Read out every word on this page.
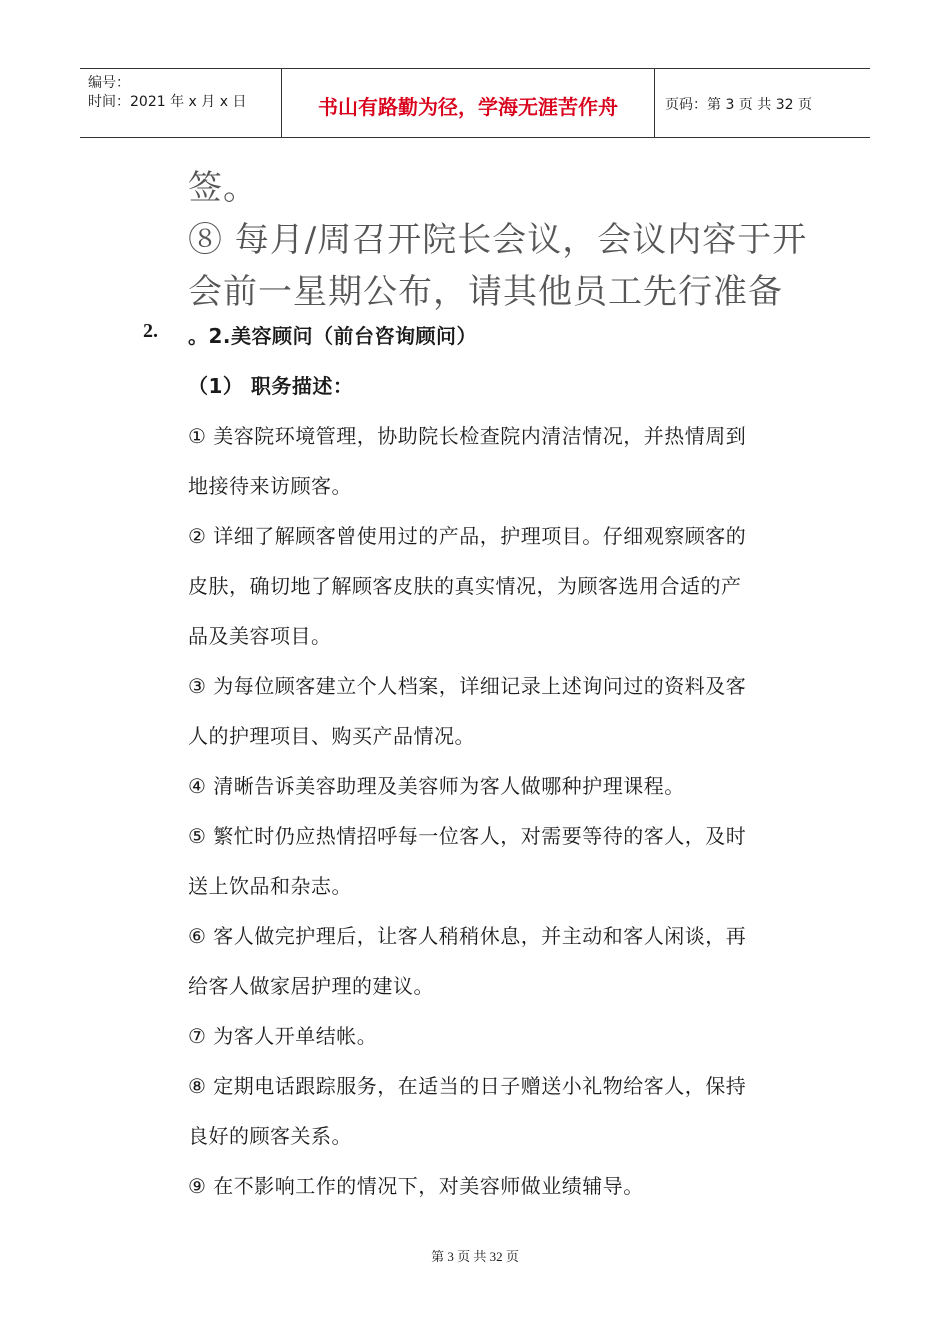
编号：
时间：2021 年 x 月 x 日	书山有路勤为径，学海无涯苦作舟	页码：第 3 页 共 32 页
签。
⑧ 每月/周召开院长会议，会议内容于开
会前一星期公布，请其他员工先行准备
2. 。2.美容顾问（前台咨询顾问）
（1） 职务描述：
① 美容院环境管理，协助院长检查院内清洁情况，并热情周到
地接待来访顾客。
② 详细了解顾客曾使用过的产品，护理项目。仔细观察顾客的
皮肤，确切地了解顾客皮肤的真实情况，为顾客选用合适的产
品及美容项目。
③ 为每位顾客建立个人档案，详细记录上述询问过的资料及客
人的护理项目、购买产品情况。
④ 清晰告诉美容助理及美容师为客人做哪种护理课程。
⑤ 繁忙时仍应热情招呼每一位客人，对需要等待的客人，及时
送上饮品和杂志。
⑥ 客人做完护理后，让客人稍稍休息，并主动和客人闲谈，再
给客人做家居护理的建议。
⑦ 为客人开单结帐。
⑧ 定期电话跟踪服务，在适当的日子赠送小礼物给客人，保持
良好的顾客关系。
⑨ 在不影响工作的情况下，对美容师做业绩辅导。
第 3 页 共 32 页
